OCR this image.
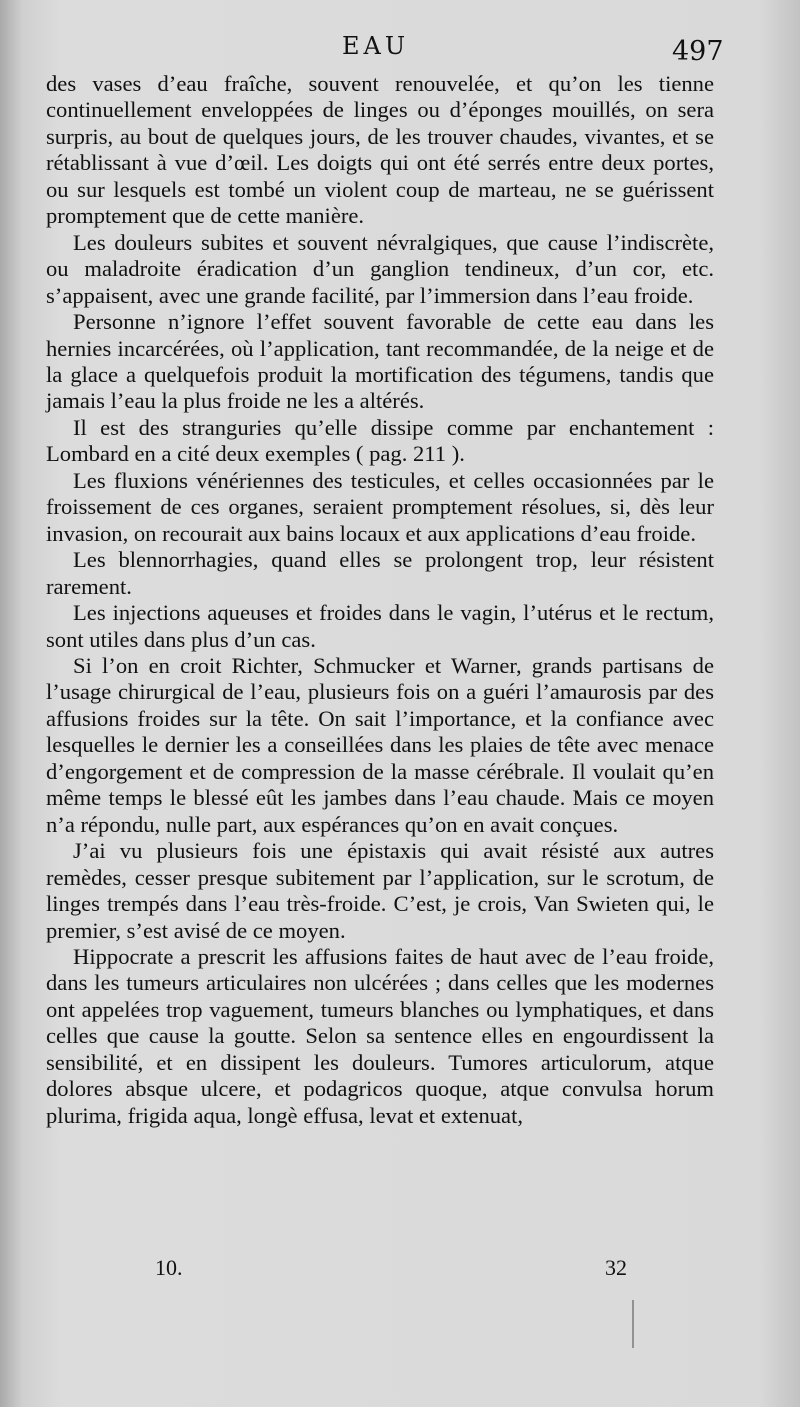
EAU	497

des vases d’eau fraîche, souvent renouvelée, et qu’on les tienne continuellement enveloppées de linges ou d’éponges mouillés, on sera surpris, au bout de quelques jours, de les trouver chaudes, vivantes, et se rétablissant à vue d’œil. Les doigts qui ont été serrés entre deux portes, ou sur lesquels est tombé un violent coup de marteau, ne se guérissent promptement que de cette manière.

Les douleurs subites et souvent névralgiques, que cause l’indiscrète, ou maladroite éradication d’un ganglion tendineux, d’un cor, etc. s’appaisent, avec une grande facilité, par l’immersion dans l’eau froide.

Personne n’ignore l’effet souvent favorable de cette eau dans les hernies incarcérées, où l’application, tant recommandée, de la neige et de la glace a quelquefois produit la mortification des tégumens, tandis que jamais l’eau la plus froide ne les a altérés.

Il est des stranguries qu’elle dissipe comme par enchantement : Lombard en a cité deux exemples ( pag. 211 ).

Les fluxions vénériennes des testicules, et celles occasionnées par le froissement de ces organes, seraient promptement résolues, si, dès leur invasion, on recourait aux bains locaux et aux applications d’eau froide.

Les blennorrhagies, quand elles se prolongent trop, leur résistent rarement.

Les injections aqueuses et froides dans le vagin, l’utérus et le rectum, sont utiles dans plus d’un cas.

Si l’on en croit Richter, Schmucker et Warner, grands partisans de l’usage chirurgical de l’eau, plusieurs fois on a guéri l’amaurosis par des affusions froides sur la tête. On sait l’importance, et la confiance avec lesquelles le dernier les a conseillées dans les plaies de tête avec menace d’engorgement et de compression de la masse cérébrale. Il voulait qu’en même temps le blessé eût les jambes dans l’eau chaude. Mais ce moyen n’a répondu, nulle part, aux espérances qu’on en avait conçues.

J’ai vu plusieurs fois une épistaxis qui avait résisté aux autres remèdes, cesser presque subitement par l’application, sur le scrotum, de linges trempés dans l’eau très-froide. C’est, je crois, Van Swieten qui, le premier, s’est avisé de ce moyen.

Hippocrate a prescrit les affusions faites de haut avec de l’eau froide, dans les tumeurs articulaires non ulcérées ; dans celles que les modernes ont appelées trop vaguement, tumeurs blanches ou lymphatiques, et dans celles que cause la goutte. Selon sa sentence elles en engourdissent la sensibilité, et en dissipent les douleurs. Tumores articulorum, atque dolores absque ulcere, et podagricos quoque, atque convulsa horum plurima, frigida aqua, longè effusa, levat et extenuat,

10.	32
